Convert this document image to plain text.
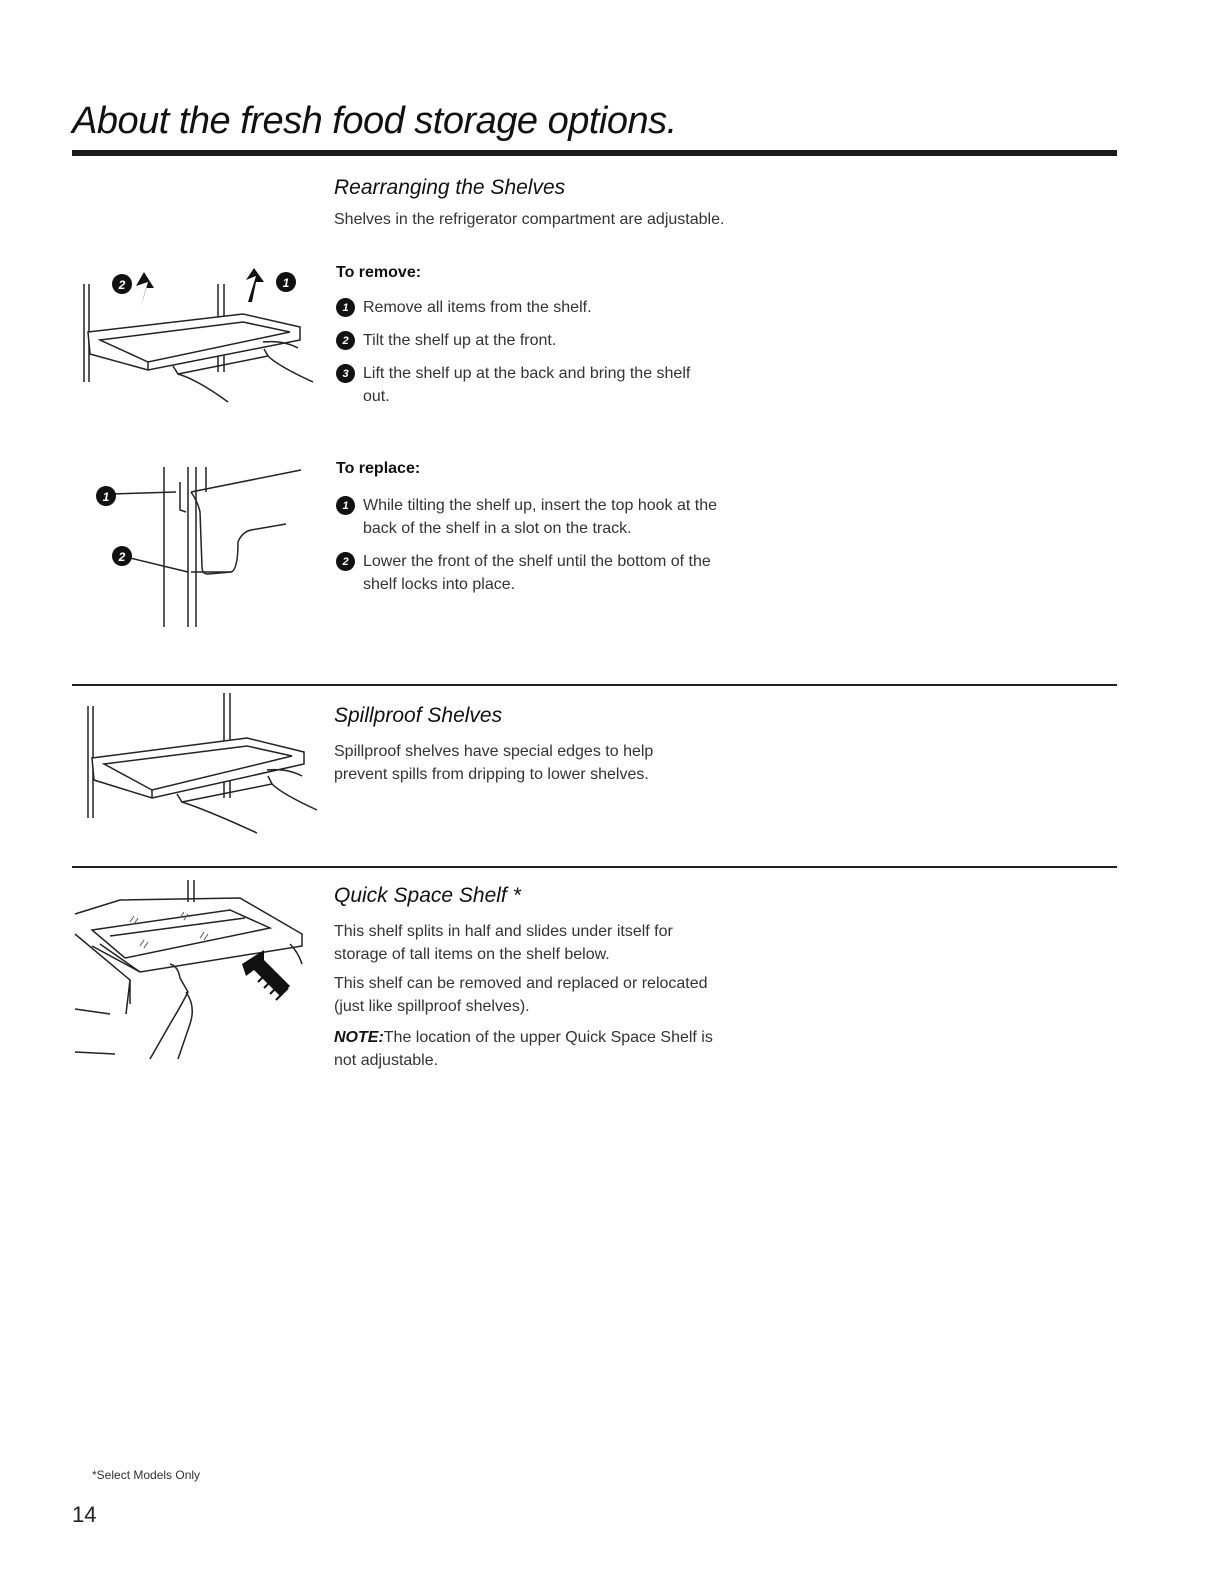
About the fresh food storage options.
Rearranging the Shelves
Shelves in the refrigerator compartment are adjustable.
2	1
To remove:
1 Remove all items from the shelf.
2 Tilt the shelf up at the front.
3 Lift the shelf up at the back and bring the shelf out.
1
2
To replace:
1 While tilting the shelf up, insert the top hook at the back of the shelf in a slot on the track.
2 Lower the front of the shelf until the bottom of the shelf locks into place.
Spillproof Shelves
Spillproof shelves have special edges to help prevent spills from dripping to lower shelves.
Quick Space Shelf *
This shelf splits in half and slides under itself for storage of tall items on the shelf below.
This shelf can be removed and replaced or relocated (just like spillproof shelves).
NOTE:The location of the upper Quick Space Shelf is not adjustable.
*Select Models Only
14
